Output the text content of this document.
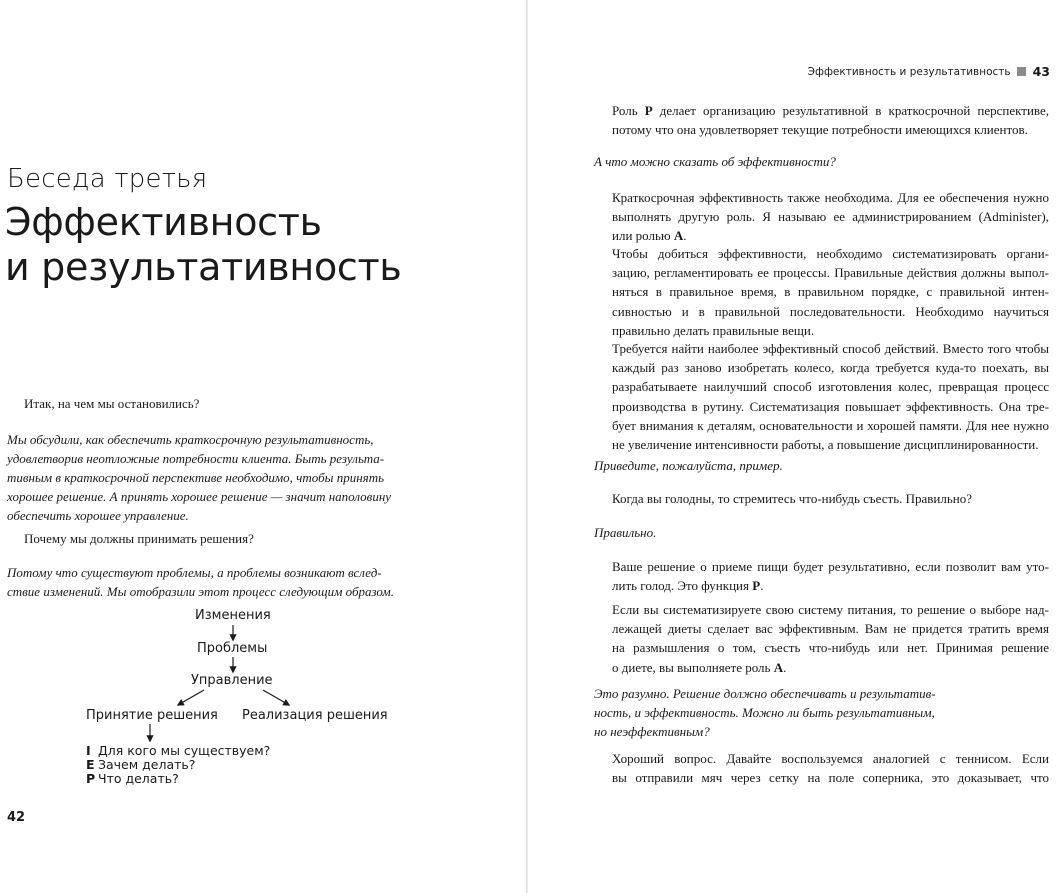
Беседа третья
Эффективность
и результативность

Итак, на чем мы остановились?

Мы обсудили, как обеспечить краткосрочную результативность,
удовлетворив неотложные потребности клиента. Быть результа-
тивным в краткосрочной перспективе необходимо, чтобы принять
хорошее решение. А принять хорошее решение — значит наполовину
обеспечить хорошее управление.

Почему мы должны принимать решения?

Потому что существуют проблемы, а проблемы возникают вслед-
ствие изменений. Мы отобразили этот процесс следующим образом.

Изменения
Проблемы
Управление
Принятие решения Реализация решения
I Для кого мы существуем?
E Зачем делать?
P Что делать?
42
Эффективность и результативность 43

Роль P делает организацию результативной в краткосрочной перспективе,
потому что она удовлетворяет текущие потребности имеющихся клиентов.

А что можно сказать об эффективности?

Краткосрочная эффективность также необходима. Для ее обеспечения нужно
выполнять другую роль. Я называю ее администрированием (Administer),
или ролью A.

Чтобы добиться эффективности, необходимо систематизировать органи-
зацию, регламентировать ее процессы. Правильные действия должны выпол-
няться в правильное время, в правильном порядке, с правильной интен-
сивностью и в правильной последовательности. Необходимо научиться
правильно делать правильные вещи.

Требуется найти наиболее эффективный способ действий. Вместо того чтобы
каждый раз заново изобретать колесо, когда требуется куда-то поехать, вы
разрабатываете наилучший способ изготовления колес, превращая процесс
производства в рутину. Систематизация повышает эффективность. Она тре-
бует внимания к деталям, основательности и хорошей памяти. Для нее нужно
не увеличение интенсивности работы, а повышение дисциплинированности.

Приведите, пожалуйста, пример.

Когда вы голодны, то стремитесь что-нибудь съесть. Правильно?

Правильно.

Ваше решение о приеме пищи будет результативно, если позволит вам уто-
лить голод. Это функция P.

Если вы систематизируете свою систему питания, то решение о выборе над-
лежащей диеты сделает вас эффективным. Вам не придется тратить время
на размышления о том, съесть что-нибудь или нет. Принимая решение
о диете, вы выполняете роль A.

Это разумно. Решение должно обеспечивать и результатив-
ность, и эффективность. Можно ли быть результативным,
но неэффективным?

Хороший вопрос. Давайте воспользуемся аналогией с теннисом. Если
вы отправили мяч через сетку на поле соперника, это доказывает, что
